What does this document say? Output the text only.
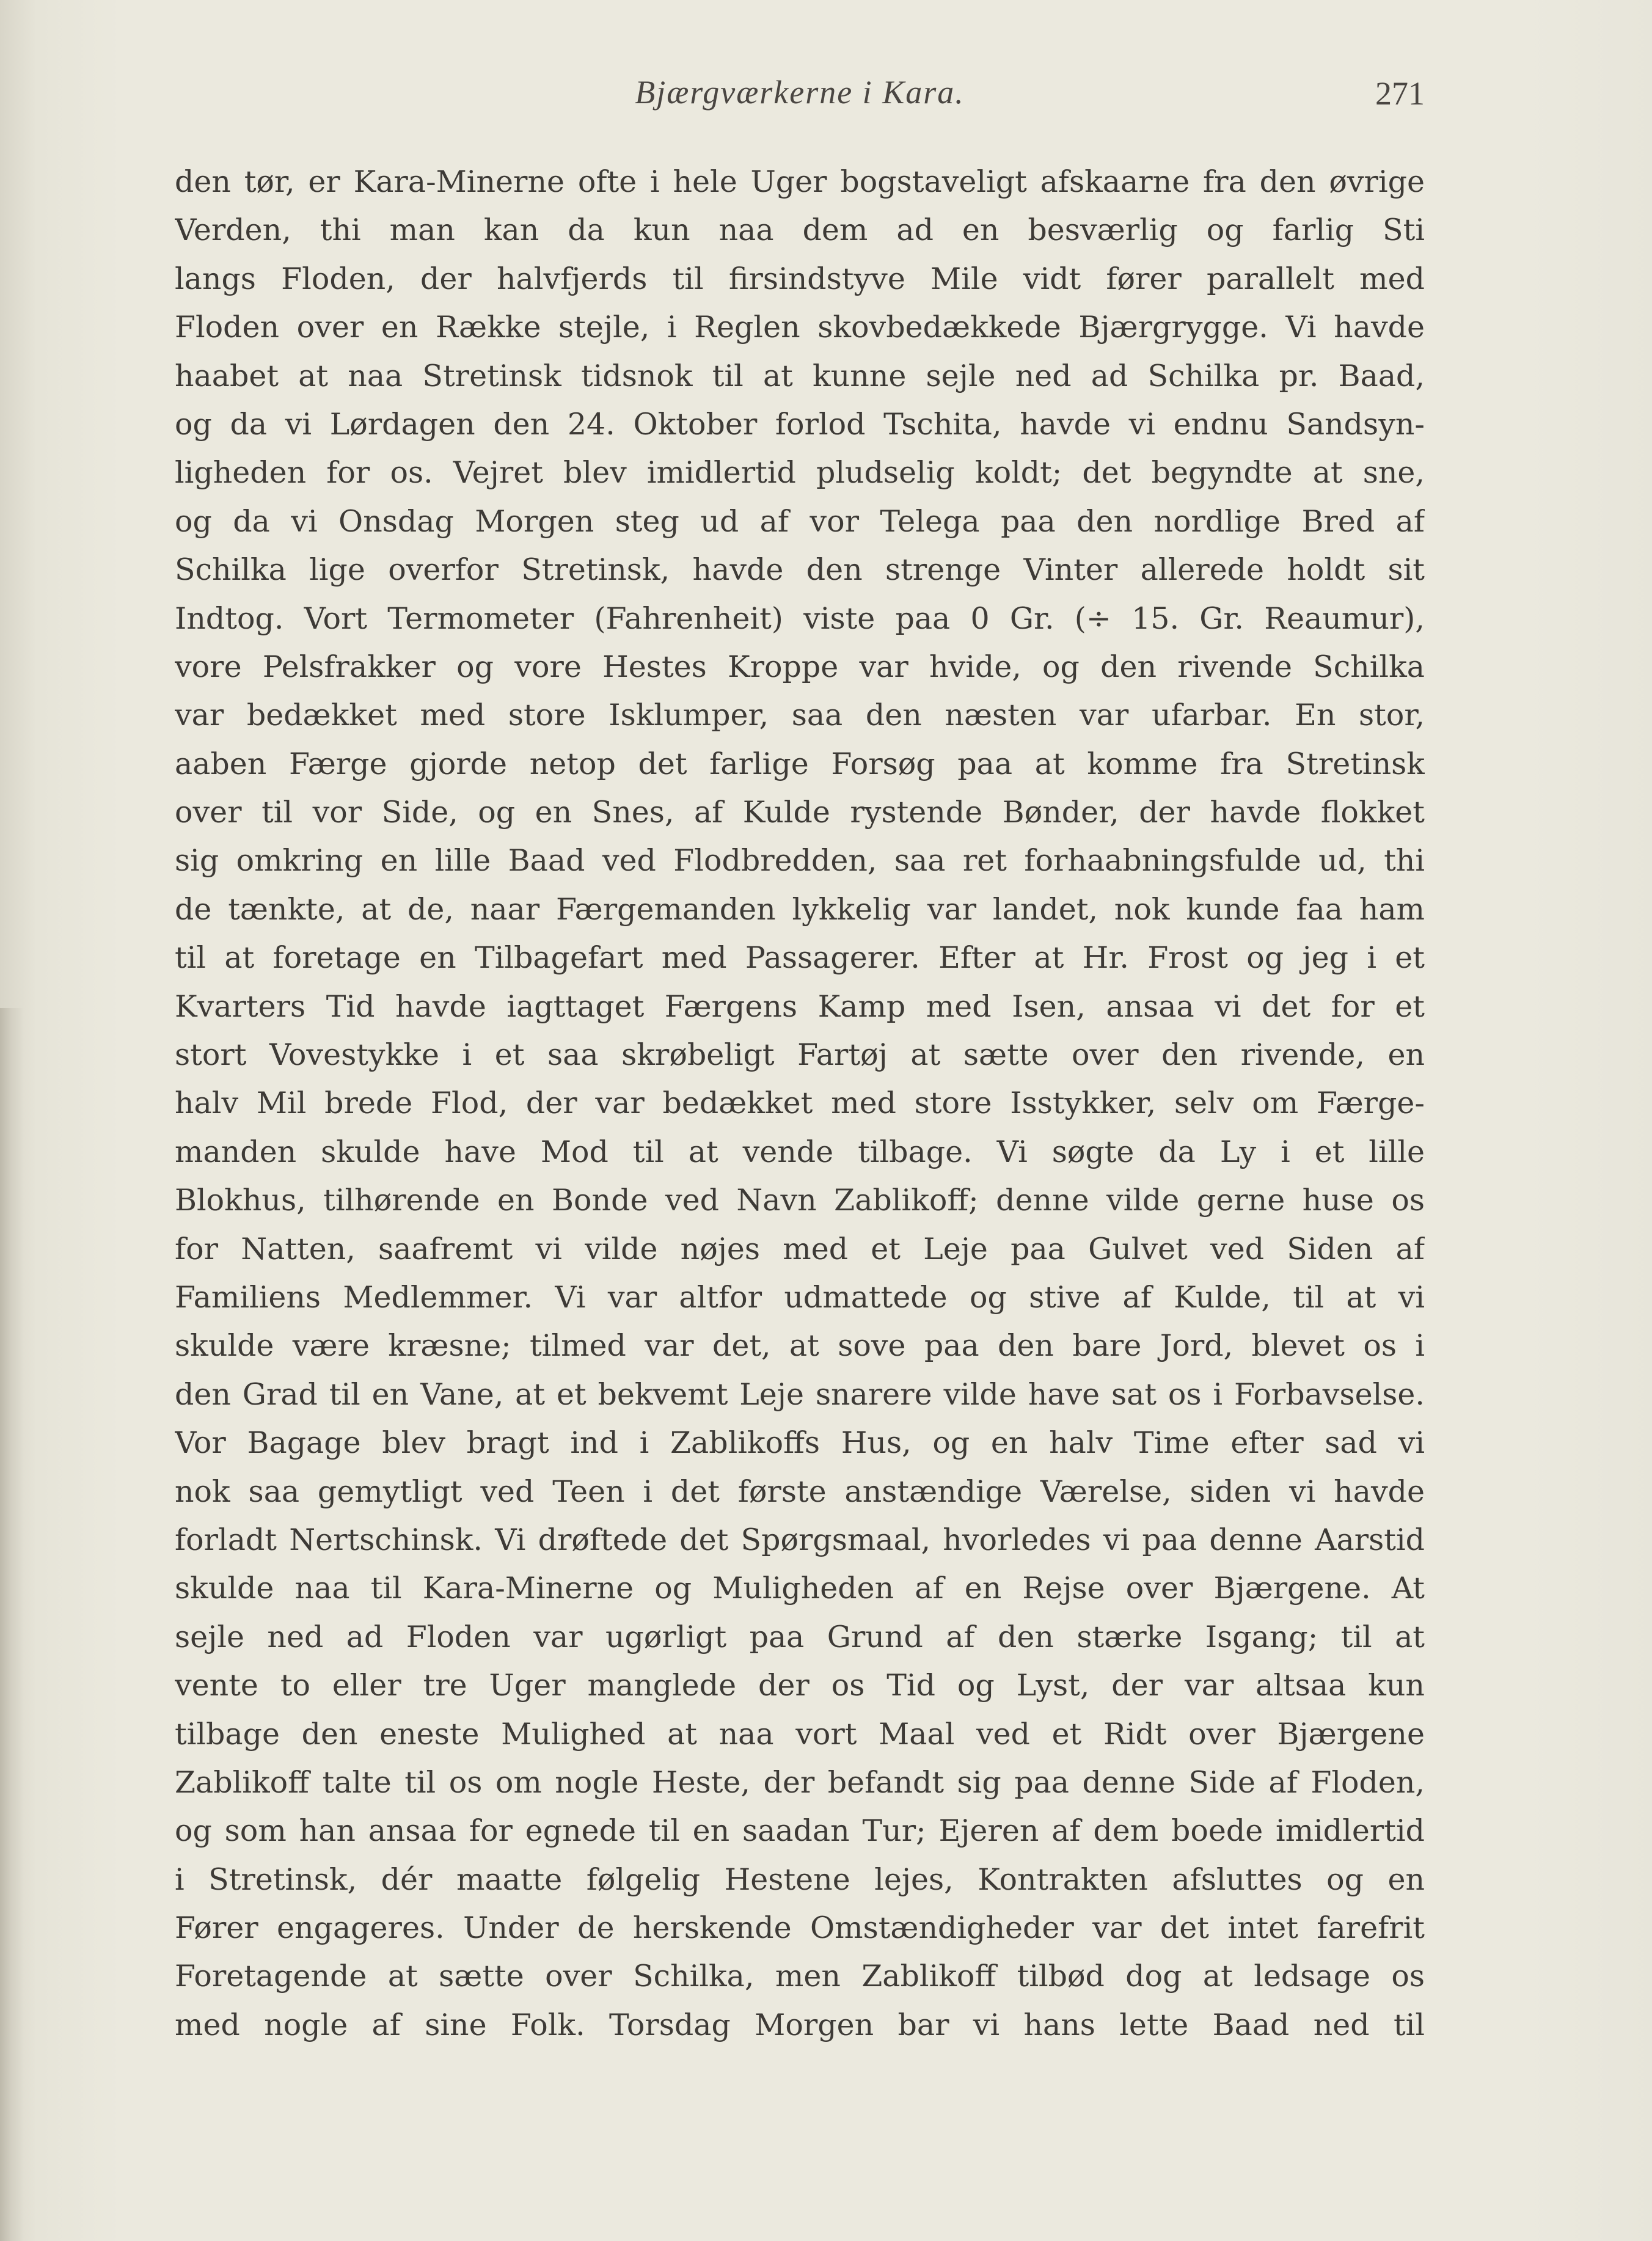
Bjærgværkerne i Kara.	271
den tør, er Kara-Minerne ofte i hele Uger bogstaveligt afskaarne fra den øvrige
Verden, thi man kan da kun naa dem ad en besværlig og farlig Sti
langs Floden, der halvfjerds til firsindstyve Mile vidt fører parallelt med
Floden over en Række stejle, i Reglen skovbedækkede Bjærgrygge. Vi havde
haabet at naa Stretinsk tidsnok til at kunne sejle ned ad Schilka pr. Baad,
og da vi Lørdagen den 24. Oktober forlod Tschita, havde vi endnu Sandsyn-
ligheden for os. Vejret blev imidlertid pludselig koldt; det begyndte at sne,
og da vi Onsdag Morgen steg ud af vor Telega paa den nordlige Bred af
Schilka lige overfor Stretinsk, havde den strenge Vinter allerede holdt sit
Indtog. Vort Termometer (Fahrenheit) viste paa 0 Gr. (÷ 15. Gr. Reaumur),
vore Pelsfrakker og vore Hestes Kroppe var hvide, og den rivende Schilka
var bedækket med store Isklumper, saa den næsten var ufarbar. En stor,
aaben Færge gjorde netop det farlige Forsøg paa at komme fra Stretinsk
over til vor Side, og en Snes, af Kulde rystende Bønder, der havde flokket
sig omkring en lille Baad ved Flodbredden, saa ret forhaabningsfulde ud, thi
de tænkte, at de, naar Færgemanden lykkelig var landet, nok kunde faa ham
til at foretage en Tilbagefart med Passagerer. Efter at Hr. Frost og jeg i et
Kvarters Tid havde iagttaget Færgens Kamp med Isen, ansaa vi det for et
stort Vovestykke i et saa skrøbeligt Fartøj at sætte over den rivende, en
halv Mil brede Flod, der var bedækket med store Isstykker, selv om Færge-
manden skulde have Mod til at vende tilbage. Vi søgte da Ly i et lille
Blokhus, tilhørende en Bonde ved Navn Zablikoff; denne vilde gerne huse os
for Natten, saafremt vi vilde nøjes med et Leje paa Gulvet ved Siden af
Familiens Medlemmer. Vi var altfor udmattede og stive af Kulde, til at vi
skulde være kræsne; tilmed var det, at sove paa den bare Jord, blevet os i
den Grad til en Vane, at et bekvemt Leje snarere vilde have sat os i Forbavselse.
Vor Bagage blev bragt ind i Zablikoffs Hus, og en halv Time efter sad vi
nok saa gemytligt ved Teen i det første anstændige Værelse, siden vi havde
forladt Nertschinsk. Vi drøftede det Spørgsmaal, hvorledes vi paa denne Aarstid
skulde naa til Kara-Minerne og Muligheden af en Rejse over Bjærgene. At
sejle ned ad Floden var ugørligt paa Grund af den stærke Isgang; til at
vente to eller tre Uger manglede der os Tid og Lyst, der var altsaa kun
tilbage den eneste Mulighed at naa vort Maal ved et Ridt over Bjærgene
Zablikoff talte til os om nogle Heste, der befandt sig paa denne Side af Floden,
og som han ansaa for egnede til en saadan Tur; Ejeren af dem boede imidlertid
i Stretinsk, dér maatte følgelig Hestene lejes, Kontrakten afsluttes og en
Fører engageres. Under de herskende Omstændigheder var det intet farefrit
Foretagende at sætte over Schilka, men Zablikoff tilbød dog at ledsage os
med nogle af sine Folk. Torsdag Morgen bar vi hans lette Baad ned til
